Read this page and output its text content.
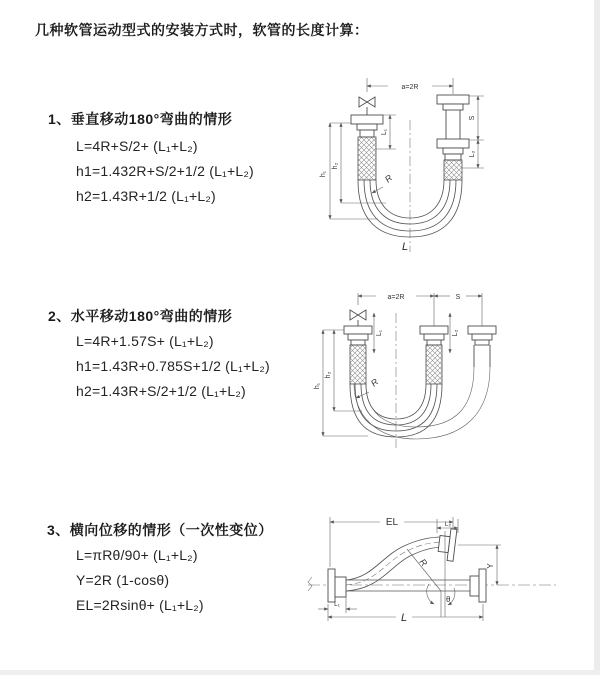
几种软管运动型式的安装方式时，软管的长度计算：
1、垂直移动180°弯曲的情形
L=4R+S/2+ (L₁+L₂)
h1=1.432R+S/2+1/2 (L₁+L₂)
h2=1.43R+1/2 (L₁+L₂)
2、水平移动180°弯曲的情形
L=4R+1.57S+ (L₁+L₂)
h1=1.43R+0.785S+1/2 (L₁+L₂)
h2=1.43R+S/2+1/2 (L₁+L₂)
3、横向位移的情形（一次性变位）
L=πRθ/90+ (L₁+L₂)
Y=2R (1-cosθ)
EL=2Rsinθ+ (L₁+L₂)
a=2R
h₁
h₂
L₁
S
L₂
R
L
a=2R	S
h₁
h₂
L₁	L₂
R
θ
R
EL	L₂
Y
L
L₁
